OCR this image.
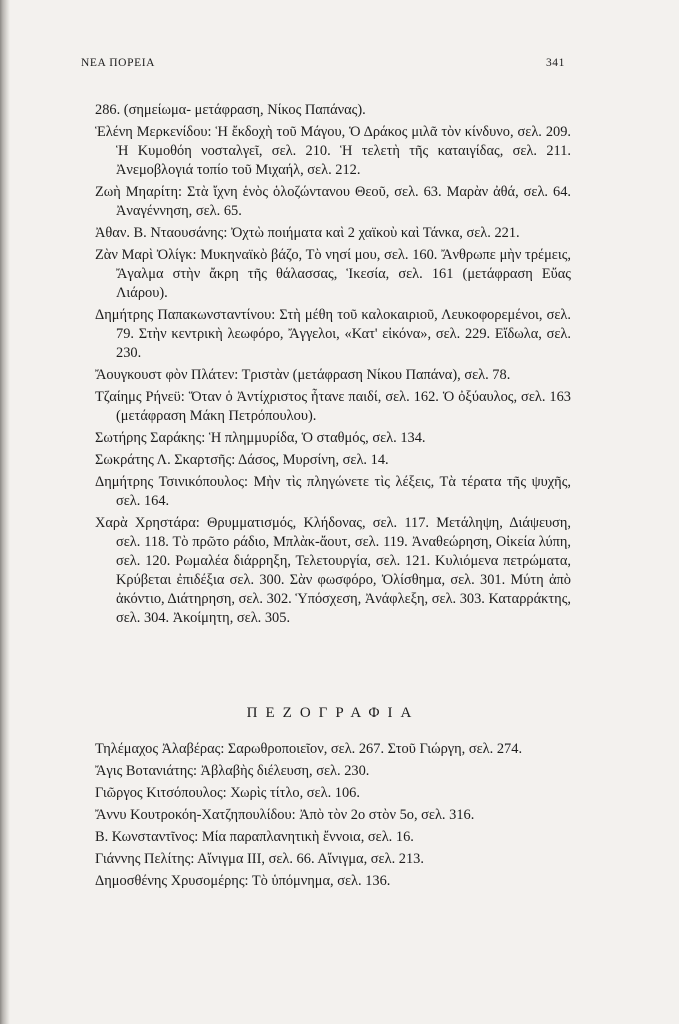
ΝΕΑ ΠΟΡΕΙΑ	341

286. (σημείωμα- μετάφραση, Νίκος Παπάνας).

Ἑλένη Μερκενίδου: Ἡ ἔκδοχὴ τοῦ Μάγου, Ὁ Δράκος μιλᾶ τὸν κίνδυνο, σελ. 209. Ἡ Κυμοθόη νοσταλγεῖ, σελ. 210. Ἡ τελετὴ τῆς καταιγίδας, σελ. 211. Ἀνεμοβλογιά τοπίο τοῦ Μιχαήλ, σελ. 212.

Ζωὴ Μηαρίτη: Στὰ ἴχνη ἑνὸς ὁλοζώντανου Θεοῦ, σελ. 63. Μαρὰν ἀθά, σελ. 64. Ἀναγέννηση, σελ. 65.

Ἀθαν. Β. Νταουσάνης: Ὀχτὼ ποιήματα καὶ 2 χαϊκοὺ καὶ Τάνκα, σελ. 221.

Ζὰν Μαρὶ Ὀλίγκ: Μυκηναϊκὸ βάζο, Τὸ νησί μου, σελ. 160. Ἄνθρωπε μὴν τρέμεις, Ἄγαλμα στὴν ἄκρη τῆς θάλασσας, Ἱκεσία, σελ. 161 (μετάφραση Εὔας Λιάρου).

Δημήτρης Παπακωνσταντίνου: Στὴ μέθη τοῦ καλοκαιριοῦ, Λευκοφορεμένοι, σελ. 79. Στὴν κεντρικὴ λεωφόρο, Ἄγγελοι, «Κατ' εἰκόνα», σελ. 229. Εἴδωλα, σελ. 230.

Ἄουγκουστ φὸν Πλάτεν: Τριστὰν (μετάφραση Νίκου Παπάνα), σελ. 78.

Τζαίημς Ρήνεϋ: Ὅταν ὁ Ἀντίχριστος ἦτανε παιδί, σελ. 162. Ὁ ὀξύαυλος, σελ. 163 (μετάφραση Μάκη Πετρόπουλου).

Σωτήρης Σαράκης: Ἡ πλημμυρίδα, Ὁ σταθμός, σελ. 134.

Σωκράτης Λ. Σκαρτσῆς: Δάσος, Μυρσίνη, σελ. 14.

Δημήτρης Τσινικόπουλος: Μὴν τὶς πληγώνετε τὶς λέξεις, Τὰ τέρατα τῆς ψυχῆς, σελ. 164.

Χαρὰ Χρηστάρα: Θρυμματισμός, Κλήδονας, σελ. 117. Μετάληψη, Διάψευση, σελ. 118. Τὸ πρῶτο ράδιο, Μπλὰκ-ἄουτ, σελ. 119. Ἀναθεώρηση, Οἰκεία λύπη, σελ. 120. Ρωμαλέα διάρρηξη, Τελετουργία, σελ. 121. Κυλιόμενα πετρώματα, Κρύβεται ἐπιδέξια σελ. 300. Σὰν φωσφόρο, Ὀλίσθημα, σελ. 301. Μύτη ἀπὸ ἀκόντιο, Διάτηρηση, σελ. 302. Ὑπόσχεση, Ἀνάφλεξη, σελ. 303. Καταρράκτης, σελ. 304. Ἀκοίμητη, σελ. 305.

ΠΕΖΟΓΡΑΦΙΑ

Τηλέμαχος Ἀλαβέρας: Σαρωθροποιεῖον, σελ. 267. Στοῦ Γιώργη, σελ. 274.

Ἄγις Βοτανιάτης: Ἀβλαβὴς διέλευση, σελ. 230.

Γιῶργος Κιτσόπουλος: Χωρὶς τίτλο, σελ. 106.

Ἄννυ Κουτροκόη-Χατζηπουλίδου: Ἀπὸ τὸν 2ο στὸν 5ο, σελ. 316.

Β. Κωνσταντῖνος: Μία παραπλανητικὴ ἔννοια, σελ. 16.

Γιάννης Πελίτης: Αἴνιγμα III, σελ. 66. Αἴνιγμα, σελ. 213.

Δημοσθένης Χρυσομέρης: Τὸ ὑπόμνημα, σελ. 136.
